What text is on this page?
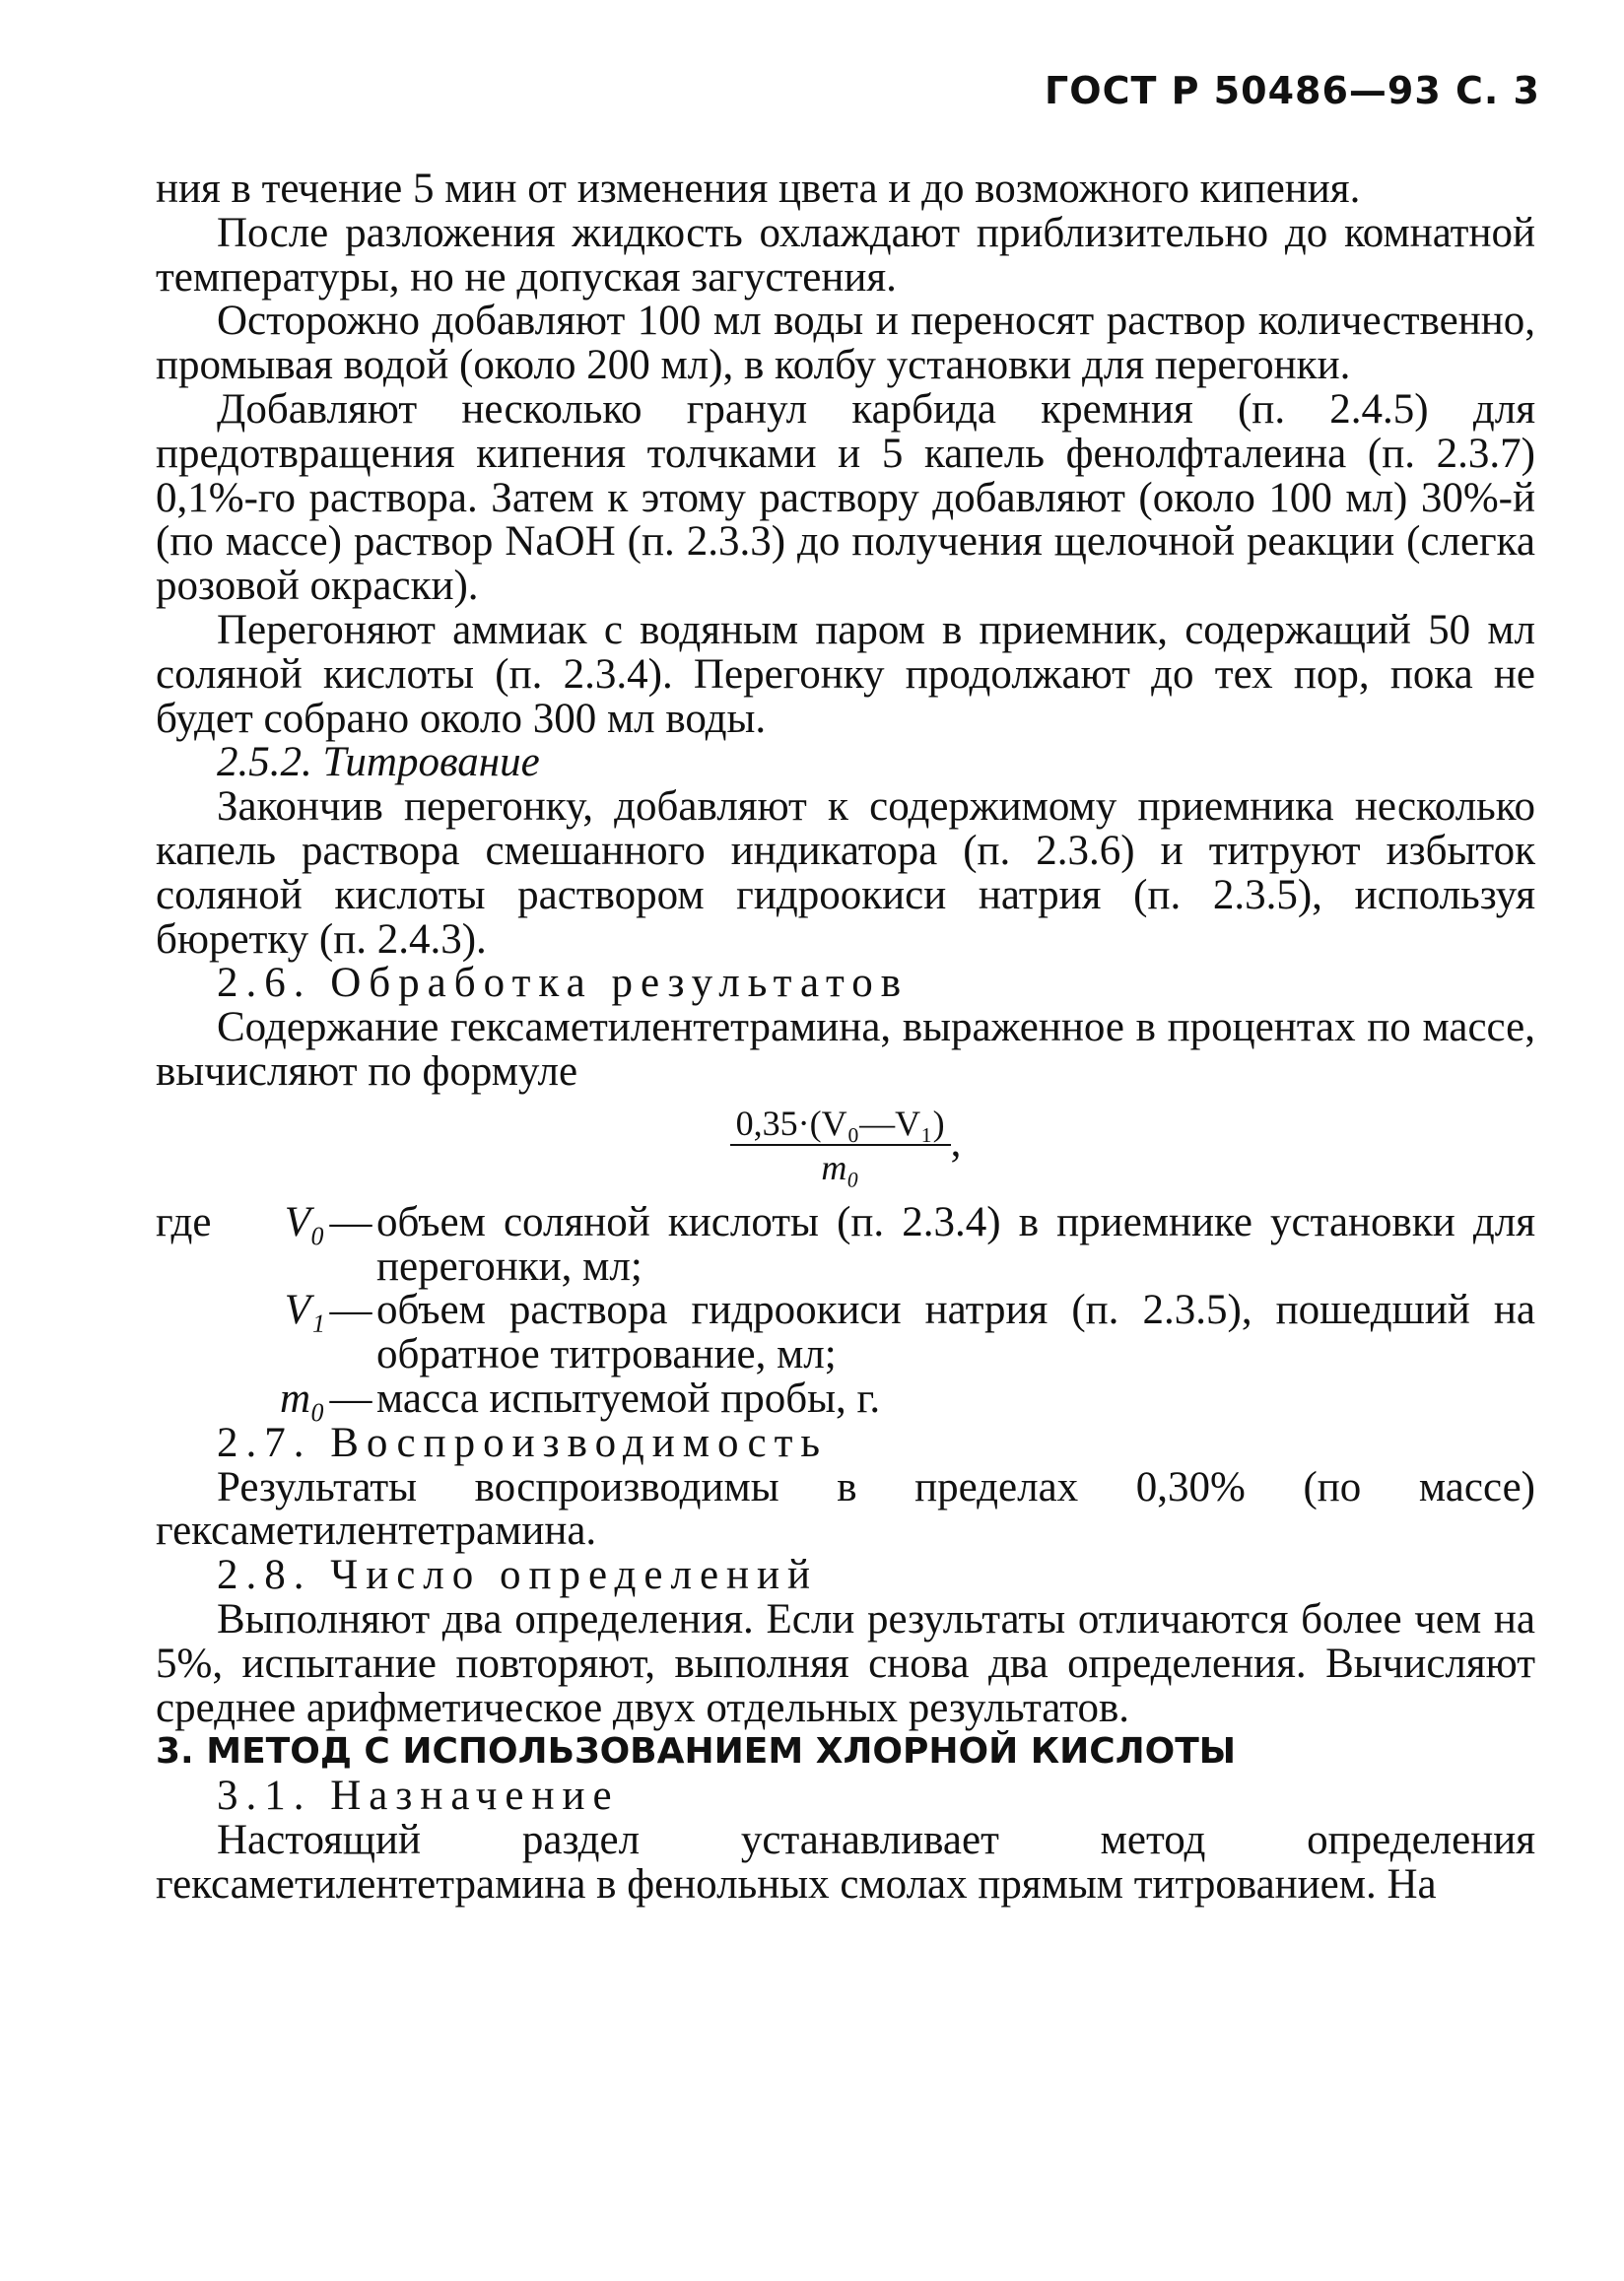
ГОСТ Р 50486—93 С. 3

ния в течение 5 мин от изменения цвета и до возможного кипения.

После разложения жидкость охлаждают приблизительно до комнатной температуры, но не допуская загустения.

Осторожно добавляют 100 мл воды и переносят раствор количественно, промывая водой (около 200 мл), в колбу установки для перегонки.

Добавляют несколько гранул карбида кремния (п. 2.4.5) для предотвращения кипения толчками и 5 капель фенолфталеина (п. 2.3.7) 0,1%-го раствора. Затем к этому раствору добавляют (около 100 мл) 30%-й (по массе) раствор NaOH (п. 2.3.3) до получения щелочной реакции (слегка розовой окраски).

Перегоняют аммиак с водяным паром в приемник, содержащий 50 мл соляной кислоты (п. 2.3.4). Перегонку продолжают до тех пор, пока не будет собрано около 300 мл воды.

2.5.2. Титрование

Закончив перегонку, добавляют к содержимому приемника несколько капель раствора смешанного индикатора (п. 2.3.6) и титруют избыток соляной кислоты раствором гидроокиси натрия (п. 2.3.5), используя бюретку (п. 2.4.3).

2.6. Обработка результатов

Содержание гексаметилентетрамина, выраженное в процентах по массе, вычисляют по формуле

$\frac{\text{0,35·(V₀—V₁)}}{\text{m₀}}$ ,
где	V₀ — объем соляной кислоты (п. 2.3.4) в приемнике установки для перегонки, мл;
V₁ — объем раствора гидроокиси натрия (п. 2.3.5), пошедший на обратное титрование, мл;
m₀ — масса испытуемой пробы, г.

2.7. Воспроизводимость

Результаты воспроизводимы в пределах 0,30% (по массе) гексаметилентетрамина.

2.8. Число определений

Выполняют два определения. Если результаты отличаются более чем на 5%, испытание повторяют, выполняя снова два определения. Вычисляют среднее арифметическое двух отдельных результатов.

3. МЕТОД С ИСПОЛЬЗОВАНИЕМ ХЛОРНОЙ КИСЛОТЫ

3.1. Назначение

Настоящий раздел устанавливает метод определения гексаметилентетрамина в фенольных смолах прямым титрованием. На
